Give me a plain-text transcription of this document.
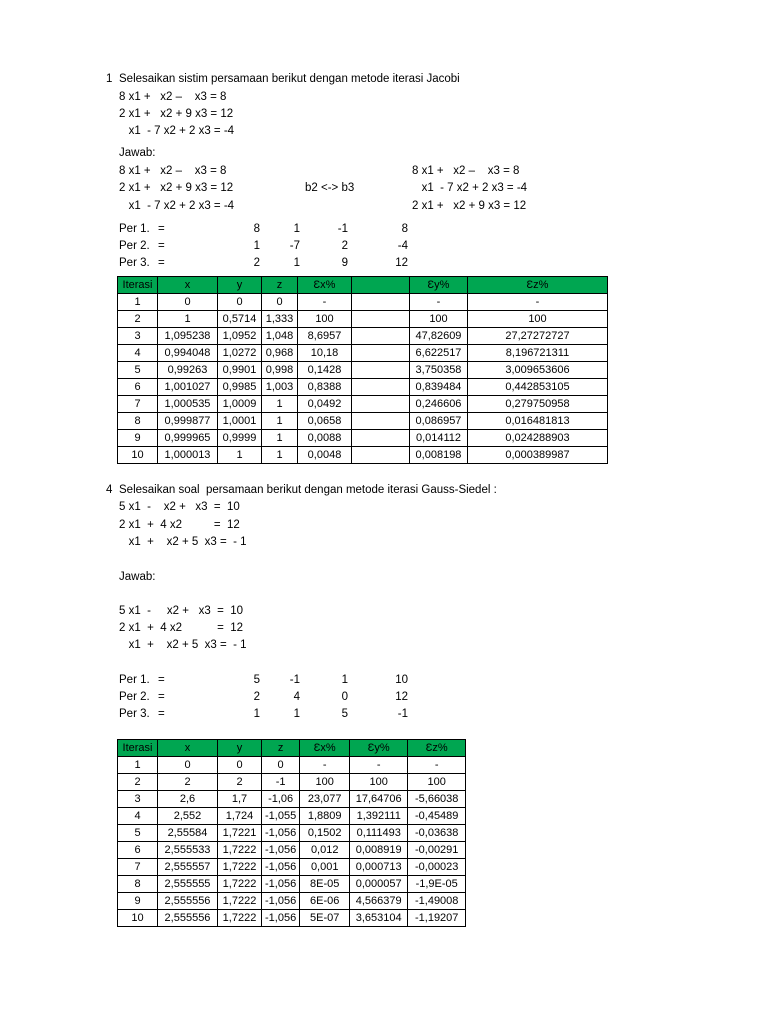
1 Selesaikan sistim persamaan berikut dengan metode iterasi Jacobi
8 x1 +   x2 –    x3 = 8
2 x1 +   x2 + 9 x3 = 12
x1  - 7 x2 + 2 x3 = -4
Jawab:
8 x1 +   x2 –    x3 = 8
2 x1 +   x2 + 9 x3 = 12
x1  - 7 x2 + 2 x3 = -4
b2 <-> b3
8 x1 +   x2 –    x3 = 8
x1  - 7 x2 + 2 x3 = -4
2 x1 +   x2 + 9 x3 = 12
Per 1. =	8	1	-1	8
Per 2. =	1	-7	2	-4
Per 3. =	2	1	9	12
Iterasi	x	y	z	Ɛx%		Ɛy%	Ɛz%
1	0	0	0	-		-	-
2	1	0,5714	1,333	100		100	100
3	1,095238	1,0952	1,048	8,6957		47,82609	27,27272727
4	0,994048	1,0272	0,968	10,18		6,622517	8,196721311
5	0,99263	0,9901	0,998	0,1428		3,750358	3,009653606
6	1,001027	0,9985	1,003	0,8388		0,839484	0,442853105
7	1,000535	1,0009	1	0,0492		0,246606	0,279750958
8	0,999877	1,0001	1	0,0658		0,086957	0,016481813
9	0,999965	0,9999	1	0,0088		0,014112	0,024288903
10	1,000013	1	1	0,0048		0,008198	0,000389987
4 Selesaikan soal  persamaan berikut dengan metode iterasi Gauss-Siedel :
5 x1  -    x2 +   x3  =  10
2 x1  +  4 x2          =  12
x1  +    x2 + 5  x3 =  - 1
Jawab:
5 x1  -     x2 +   x3  =  10
2 x1  +  4 x2           =  12
x1  +    x2 + 5  x3 =  - 1
Per 1. =	5	-1	1	10
Per 2. =	2	4	0	12
Per 3. =	1	1	5	-1
Iterasi	x	y	z	Ɛx%	Ɛy%	Ɛz%
1	0	0	0	-	-	-
2	2	2	-1	100	100	100
3	2,6	1,7	-1,06	23,077	17,64706	-5,66038
4	2,552	1,724	-1,055	1,8809	1,392111	-0,45489
5	2,55584	1,7221	-1,056	0,1502	0,111493	-0,03638
6	2,555533	1,7222	-1,056	0,012	0,008919	-0,00291
7	2,555557	1,7222	-1,056	0,001	0,000713	-0,00023
8	2,555555	1,7222	-1,056	8E-05	0,000057	-1,9E-05
9	2,555556	1,7222	-1,056	6E-06	4,566379	-1,49008
10	2,555556	1,7222	-1,056	5E-07	3,653104	-1,19207
